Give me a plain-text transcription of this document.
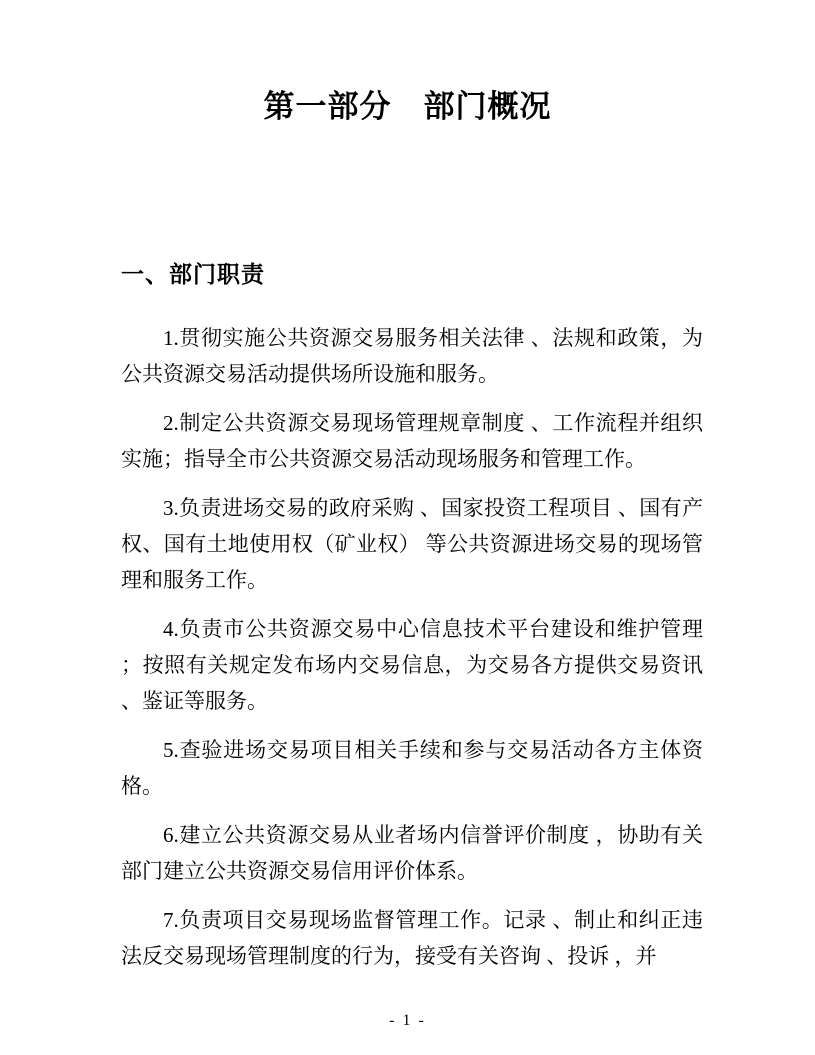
第一部分　部门概况
一、部门职责

1.贯彻实施公共资源交易服务相关法律 、法规和政策，为公共资源交易活动提供场所设施和服务。

2.制定公共资源交易现场管理规章制度 、工作流程并组织实施；指导全市公共资源交易活动现场服务和管理工作。

3.负责进场交易的政府采购 、国家投资工程项目 、国有产权、国有土地使用权（矿业权） 等公共资源进场交易的现场管理和服务工作。

4.负责市公共资源交易中心信息技术平台建设和维护管理 ；按照有关规定发布场内交易信息，为交易各方提供交易资讯 、鉴证等服务。

5.查验进场交易项目相关手续和参与交易活动各方主体资格。

6.建立公共资源交易从业者场内信誉评价制度 ，协助有关部门建立公共资源交易信用评价体系。

7.负责项目交易现场监督管理工作。记录 、制止和纠正违法反交易现场管理制度的行为，接受有关咨询 、投诉 ，并

- 1 -
